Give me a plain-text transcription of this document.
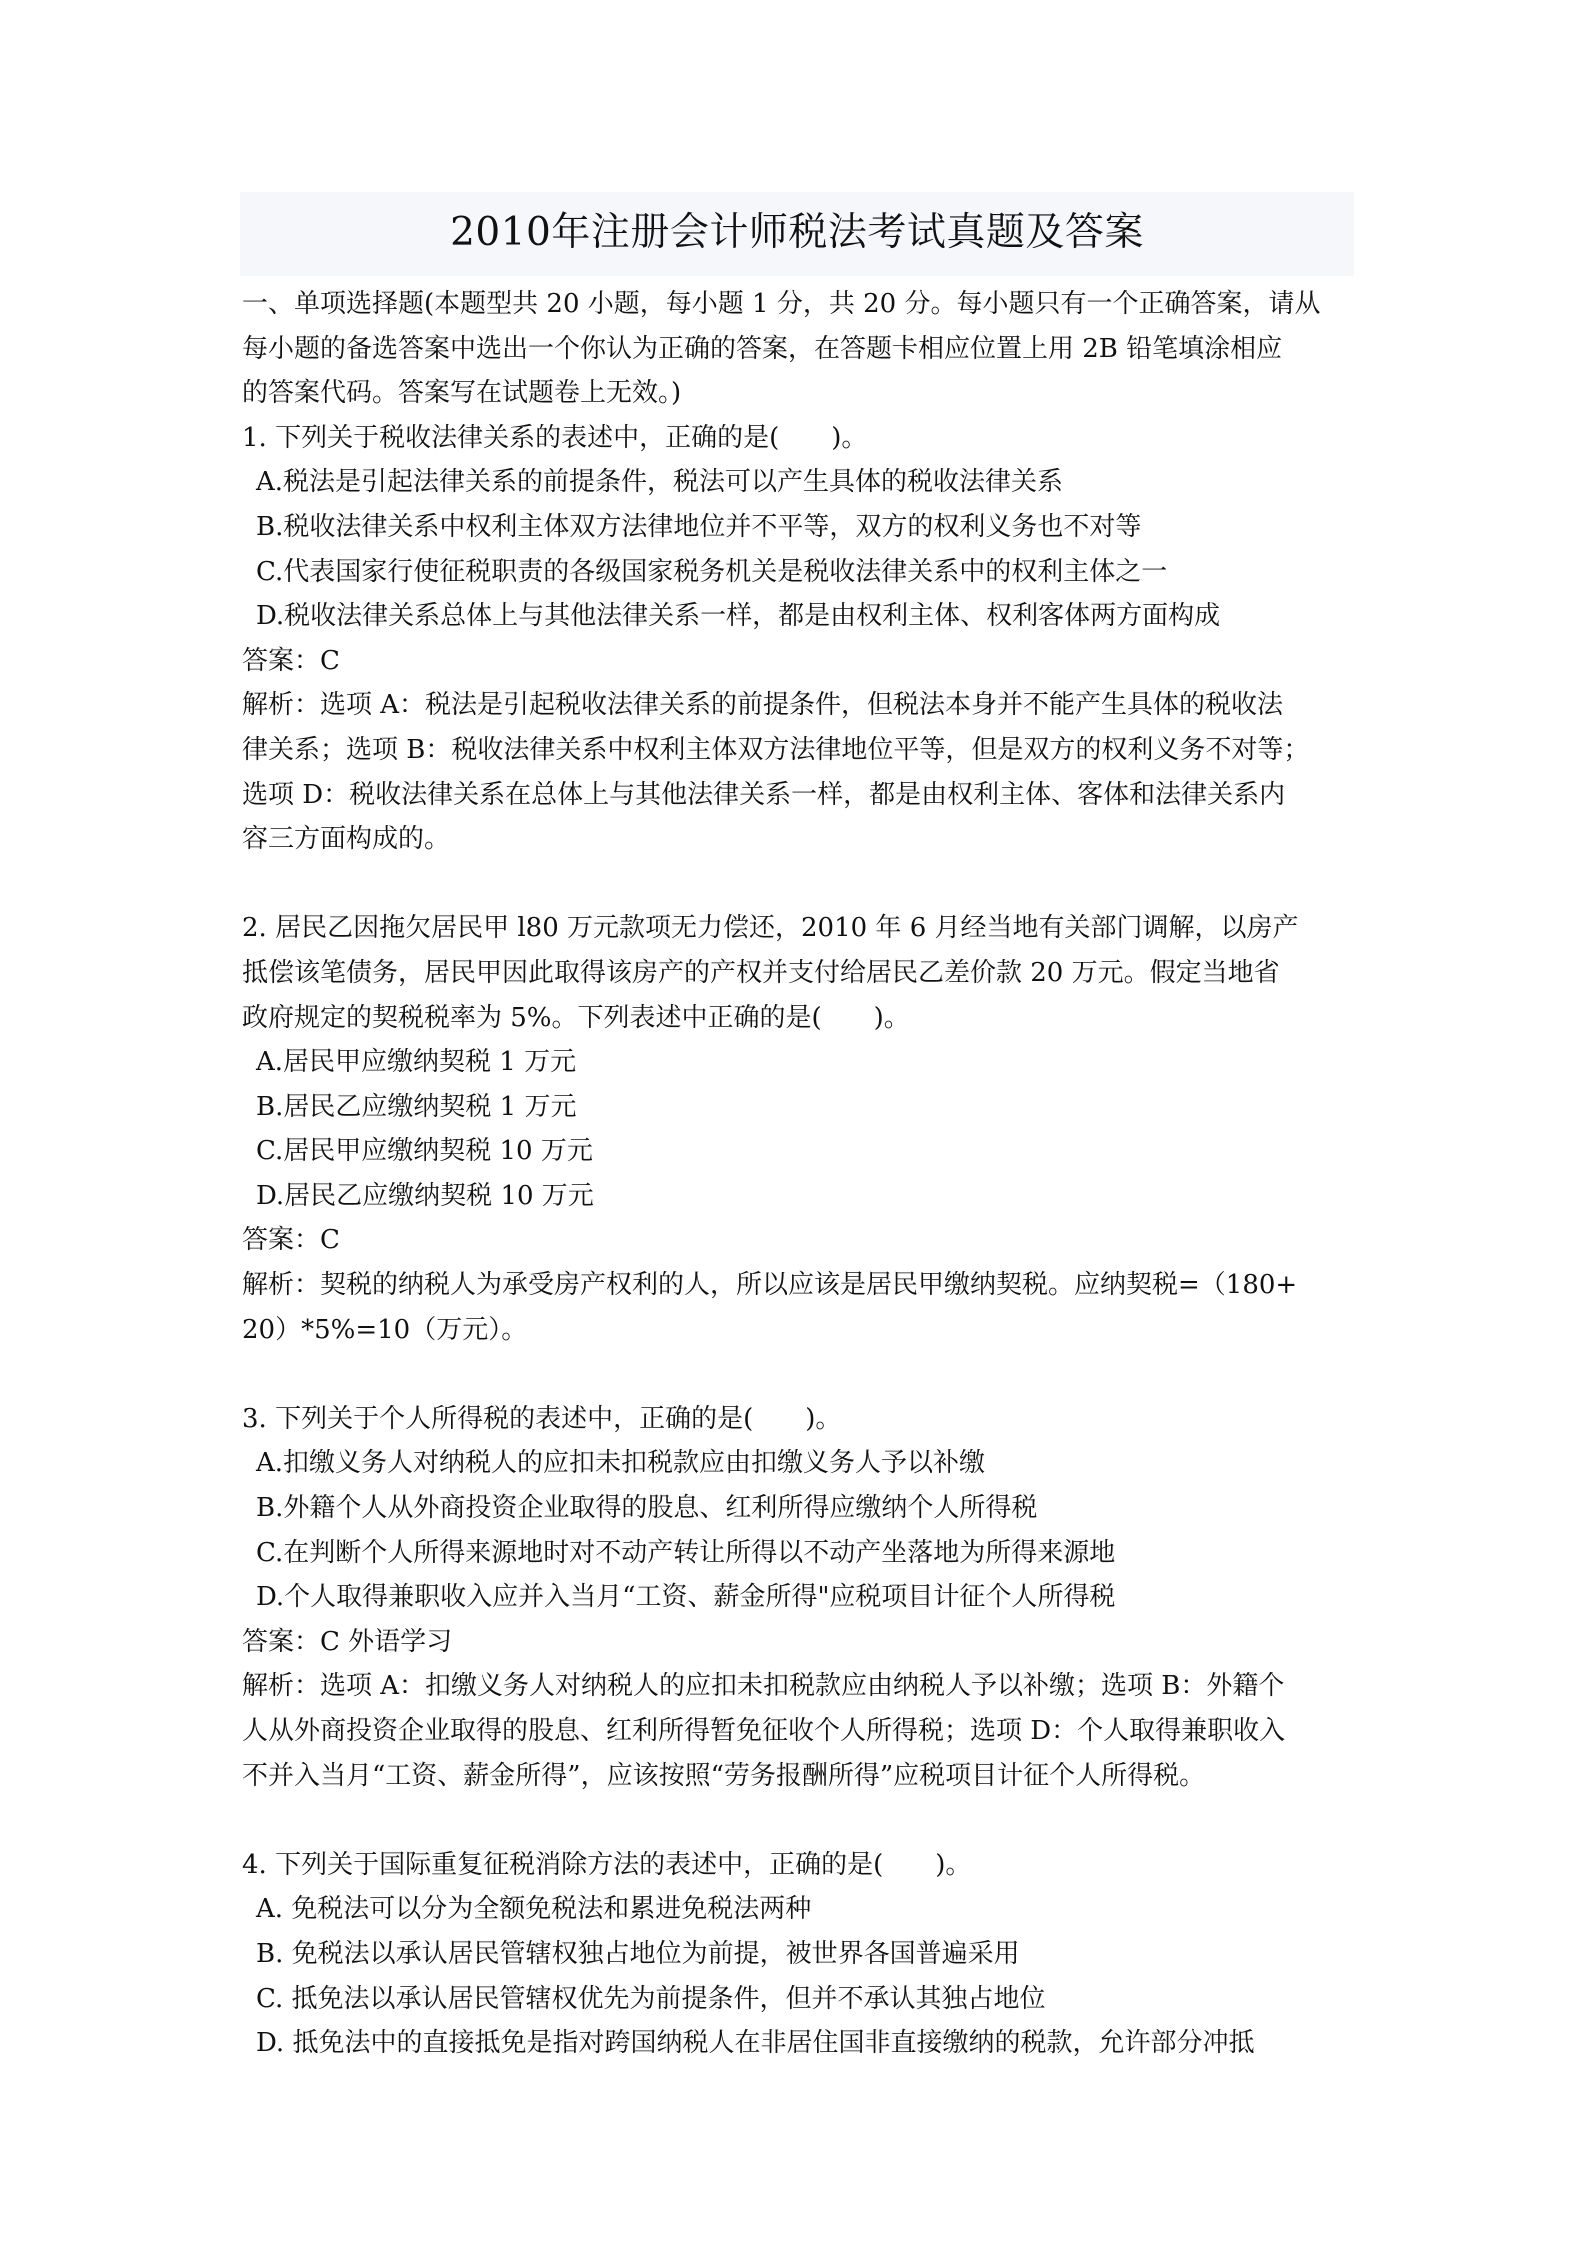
2010年注册会计师税法考试真题及答案
一、单项选择题(本题型共 20 小题，每小题 1 分，共 20 分。每小题只有一个正确答案，请从
每小题的备选答案中选出一个你认为正确的答案，在答题卡相应位置上用 2B 铅笔填涂相应
的答案代码。答案写在试题卷上无效。)
1. 下列关于税收法律关系的表述中，正确的是(　　)。
A.税法是引起法律关系的前提条件，税法可以产生具体的税收法律关系
B.税收法律关系中权利主体双方法律地位并不平等，双方的权利义务也不对等
C.代表国家行使征税职责的各级国家税务机关是税收法律关系中的权利主体之一
D.税收法律关系总体上与其他法律关系一样，都是由权利主体、权利客体两方面构成
答案：C
解析：选项 A：税法是引起税收法律关系的前提条件，但税法本身并不能产生具体的税收法
律关系；选项 B：税收法律关系中权利主体双方法律地位平等，但是双方的权利义务不对等；
选项 D：税收法律关系在总体上与其他法律关系一样，都是由权利主体、客体和法律关系内
容三方面构成的。
2. 居民乙因拖欠居民甲 l80 万元款项无力偿还，2010 年 6 月经当地有关部门调解，以房产
抵偿该笔债务，居民甲因此取得该房产的产权并支付给居民乙差价款 20 万元。假定当地省
政府规定的契税税率为 5%。下列表述中正确的是(　　)。
A.居民甲应缴纳契税 1 万元
B.居民乙应缴纳契税 1 万元
C.居民甲应缴纳契税 10 万元
D.居民乙应缴纳契税 10 万元
答案：C
解析：契税的纳税人为承受房产权利的人，所以应该是居民甲缴纳契税。应纳契税=（180+
20）*5%=10（万元）。
3. 下列关于个人所得税的表述中，正确的是(　　)。
A.扣缴义务人对纳税人的应扣未扣税款应由扣缴义务人予以补缴
B.外籍个人从外商投资企业取得的股息、红利所得应缴纳个人所得税
C.在判断个人所得来源地时对不动产转让所得以不动产坐落地为所得来源地
D.个人取得兼职收入应并入当月“工资、薪金所得"应税项目计征个人所得税
答案：C 外语学习
解析：选项 A：扣缴义务人对纳税人的应扣未扣税款应由纳税人予以补缴；选项 B：外籍个
人从外商投资企业取得的股息、红利所得暂免征收个人所得税；选项 D：个人取得兼职收入
不并入当月“工资、薪金所得”，应该按照“劳务报酬所得”应税项目计征个人所得税。
4. 下列关于国际重复征税消除方法的表述中，正确的是(　　)。
A. 免税法可以分为全额免税法和累进免税法两种
B. 免税法以承认居民管辖权独占地位为前提，被世界各国普遍采用
C. 抵免法以承认居民管辖权优先为前提条件，但并不承认其独占地位
D. 抵免法中的直接抵免是指对跨国纳税人在非居住国非直接缴纳的税款，允许部分冲抵
